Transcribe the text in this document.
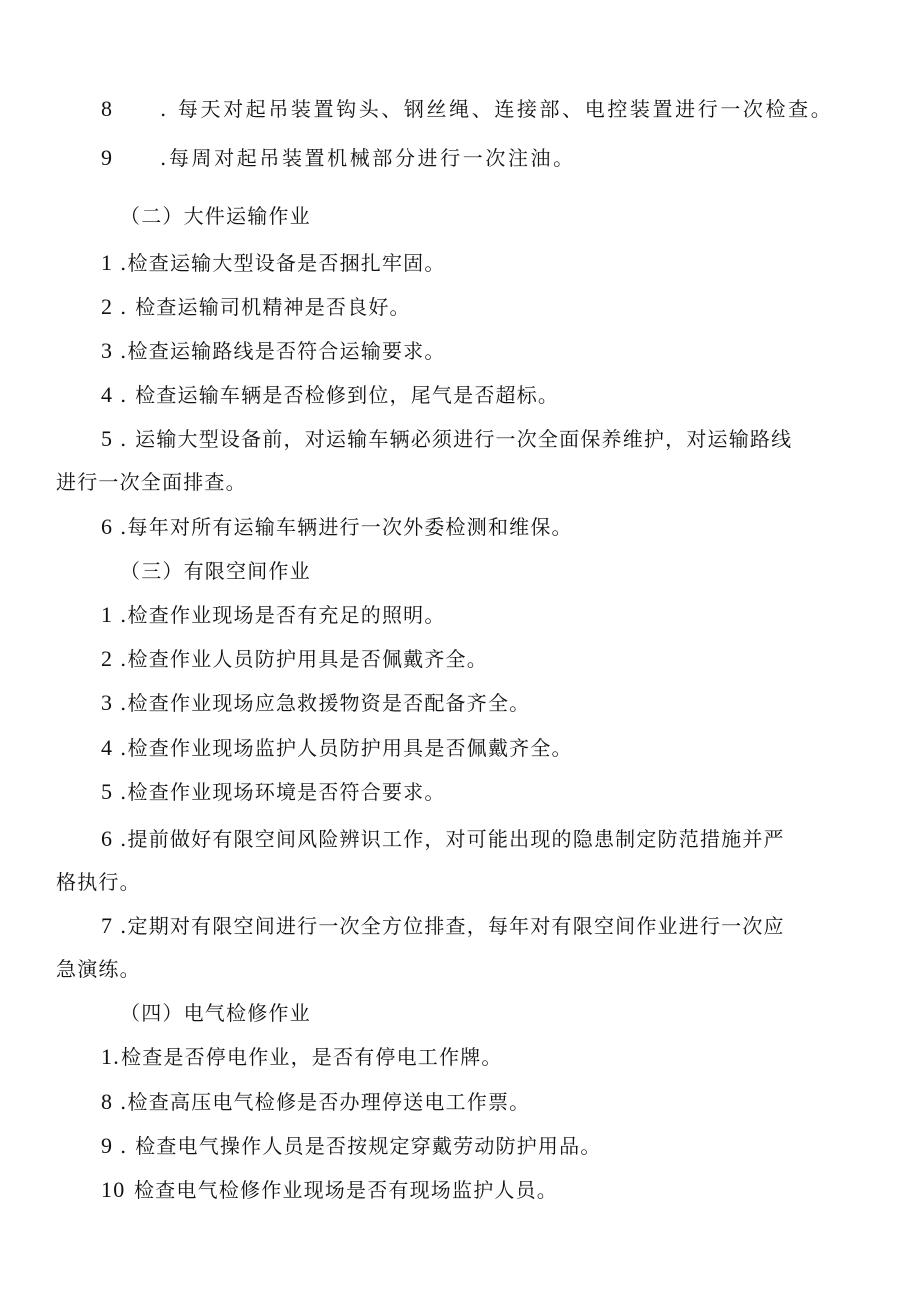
8 . 每天对起吊装置钩头、钢丝绳、连接部、电控装置进行一次检查。
9 .每周对起吊装置机械部分进行一次注油。
（二）大件运输作业
1 .检查运输大型设备是否捆扎牢固。
2 . 检查运输司机精神是否良好。
3 .检查运输路线是否符合运输要求。
4 . 检查运输车辆是否检修到位，尾气是否超标。
5 . 运输大型设备前，对运输车辆必须进行一次全面保养维护，对运输路线
进行一次全面排查。
6 .每年对所有运输车辆进行一次外委检测和维保。
（三）有限空间作业
1 .检查作业现场是否有充足的照明。
2 .检查作业人员防护用具是否佩戴齐全。
3 .检查作业现场应急救援物资是否配备齐全。
4 .检查作业现场监护人员防护用具是否佩戴齐全。
5 .检查作业现场环境是否符合要求。
6 .提前做好有限空间风险辨识工作，对可能出现的隐患制定防范措施并严
格执行。
7 .定期对有限空间进行一次全方位排查，每年对有限空间作业进行一次应
急演练。
（四）电气检修作业
1. 检查是否停电作业，是否有停电工作牌。
8 .检查高压电气检修是否办理停送电工作票。
9 . 检查电气操作人员是否按规定穿戴劳动防护用品。
10 检查电气检修作业现场是否有现场监护人员。
